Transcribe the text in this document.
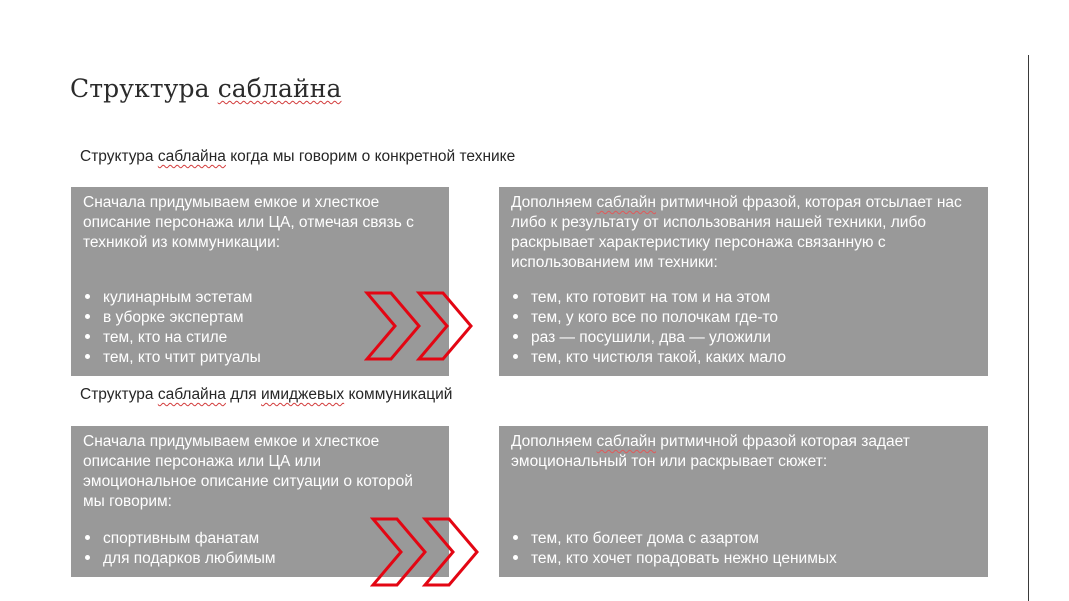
Структура саблайна
Структура саблайна когда мы говорим о конкретной технике

Сначала придумываем емкое и хлесткое описание персонажа или ЦА, отмечая связь с техникой из коммуникации:

кулинарным эстетам
в уборке экспертам
тем, кто на стиле
тем, кто чтит ритуалы

Дополняем саблайн ритмичной фразой, которая отсылает нас либо к результату от использования нашей техники, либо раскрывает характеристику персонажа связанную с использованием им техники:

тем, кто готовит на том и на этом
тем, у кого все по полочкам где-то
раз — посушили, два — уложили
тем, кто чистюля такой, каких мало
Структура саблайна для имиджевых коммуникаций

Сначала придумываем емкое и хлесткое описание персонажа или ЦА или эмоциональное описание ситуации о которой мы говорим:

спортивным фанатам
для подарков любимым

Дополняем саблайн ритмичной фразой которая задает эмоциональный тон или раскрывает сюжет:

тем, кто болеет дома с азартом
тем, кто хочет порадовать нежно ценимых
